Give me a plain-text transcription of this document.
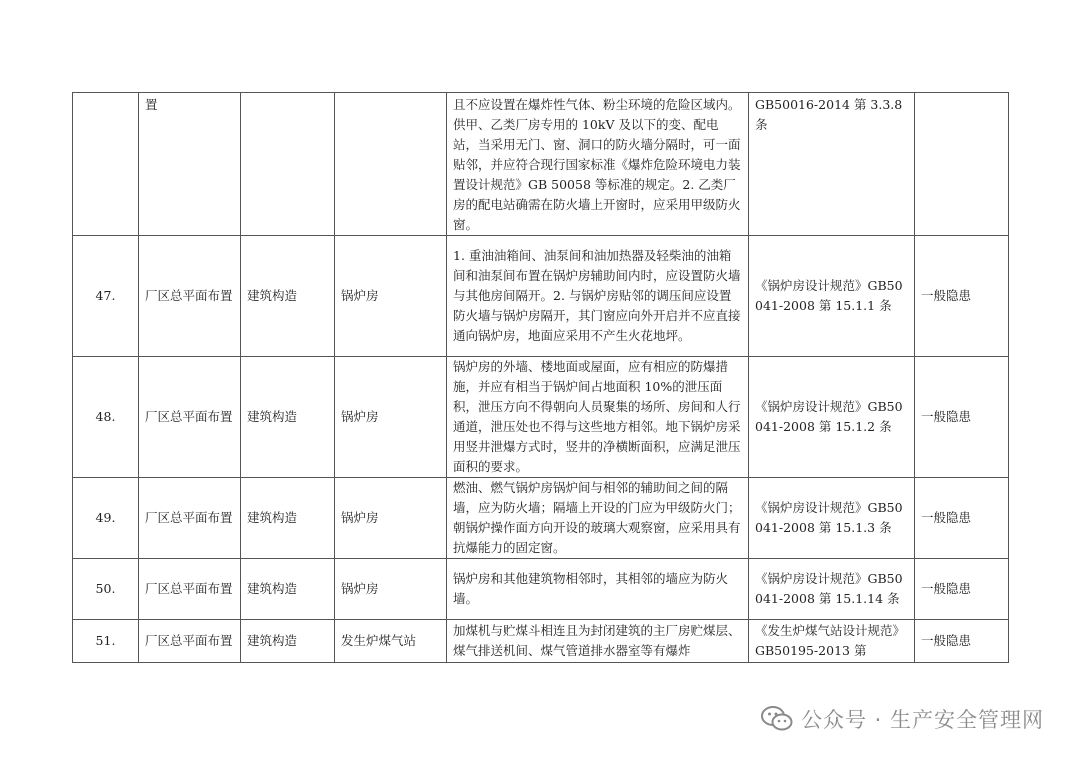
	置			且不应设置在爆炸性气体、粉尘环境的危险区域内。供甲、乙类厂房专用的 10kV 及以下的变、配电站，当采用无门、窗、洞口的防火墙分隔时，可一面贴邻，并应符合现行国家标准《爆炸危险环境电力装置设计规范》GB 50058 等标准的规定。2. 乙类厂房的配电站确需在防火墙上开窗时，应采用甲级防火窗。	GB50016-2014 第 3.3.8 条	
47.	厂区总平面布置	建筑构造	锅炉房	1. 重油油箱间、油泵间和油加热器及轻柴油的油箱间和油泵间布置在锅炉房辅助间内时，应设置防火墙与其他房间隔开。2. 与锅炉房贴邻的调压间应设置防火墙与锅炉房隔开，其门窗应向外开启并不应直接通向锅炉房，地面应采用不产生火花地坪。	《锅炉房设计规范》GB50041-2008 第 15.1.1 条	一般隐患
48.	厂区总平面布置	建筑构造	锅炉房	锅炉房的外墙、楼地面或屋面，应有相应的防爆措施，并应有相当于锅炉间占地面积 10%的泄压面积，泄压方向不得朝向人员聚集的场所、房间和人行通道，泄压处也不得与这些地方相邻。地下锅炉房采用竖井泄爆方式时，竖井的净横断面积，应满足泄压面积的要求。	《锅炉房设计规范》GB50041-2008 第 15.1.2 条	一般隐患
49.	厂区总平面布置	建筑构造	锅炉房	燃油、燃气锅炉房锅炉间与相邻的辅助间之间的隔墙，应为防火墙；隔墙上开设的门应为甲级防火门；朝锅炉操作面方向开设的玻璃大观察窗，应采用具有抗爆能力的固定窗。	《锅炉房设计规范》GB50041-2008 第 15.1.3 条	一般隐患
50.	厂区总平面布置	建筑构造	锅炉房	锅炉房和其他建筑物相邻时，其相邻的墙应为防火墙。	《锅炉房设计规范》GB50041-2008 第 15.1.14 条	一般隐患
51.	厂区总平面布置	建筑构造	发生炉煤气站	加煤机与贮煤斗相连且为封闭建筑的主厂房贮煤层、煤气排送机间、煤气管道排水器室等有爆炸	《发生炉煤气站设计规范》GB50195-2013 第	一般隐患
公众号 · 生产安全管理网
